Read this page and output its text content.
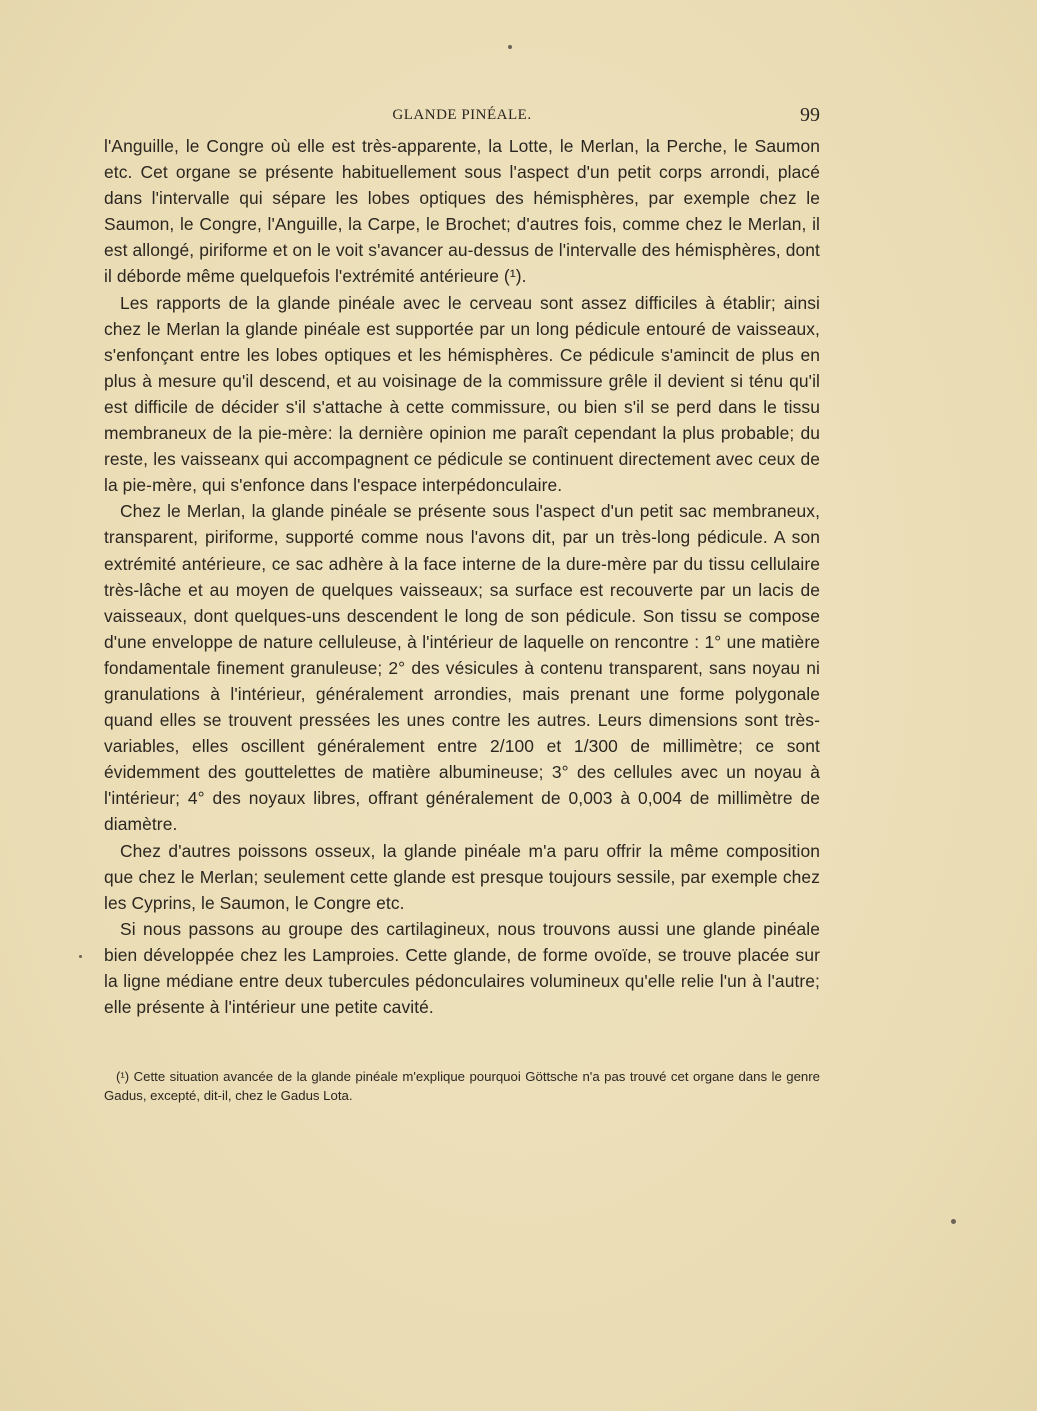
GLANDE PINÉALE.	99

l'Anguille, le Congre où elle est très-apparente, la Lotte, le Merlan, la Perche, le Saumon etc. Cet organe se présente habituellement sous l'aspect d'un petit corps arrondi, placé dans l'intervalle qui sépare les lobes optiques des hémisphères, par exemple chez le Saumon, le Congre, l'Anguille, la Carpe, le Brochet; d'autres fois, comme chez le Merlan, il est allongé, piriforme et on le voit s'avancer au-dessus de l'intervalle des hémisphères, dont il déborde même quelquefois l'extrémité antérieure (¹).

Les rapports de la glande pinéale avec le cerveau sont assez difficiles à établir; ainsi chez le Merlan la glande pinéale est supportée par un long pédicule entouré de vaisseaux, s'enfonçant entre les lobes optiques et les hémisphères. Ce pédicule s'amincit de plus en plus à mesure qu'il descend, et au voisinage de la commissure grêle il devient si ténu qu'il est difficile de décider s'il s'attache à cette commissure, ou bien s'il se perd dans le tissu membraneux de la pie-mère: la dernière opinion me paraît cependant la plus probable; du reste, les vaisseanx qui accompagnent ce pédicule se continuent directement avec ceux de la pie-mère, qui s'enfonce dans l'espace interpédonculaire.

Chez le Merlan, la glande pinéale se présente sous l'aspect d'un petit sac membraneux, transparent, piriforme, supporté comme nous l'avons dit, par un très-long pédicule. A son extrémité antérieure, ce sac adhère à la face interne de la dure-mère par du tissu cellulaire très-lâche et au moyen de quelques vaisseaux; sa surface est recouverte par un lacis de vaisseaux, dont quelques-uns descendent le long de son pédicule. Son tissu se compose d'une enveloppe de nature celluleuse, à l'intérieur de laquelle on rencontre : 1° une matière fondamentale finement granuleuse; 2° des vésicules à contenu transparent, sans noyau ni granulations à l'intérieur, généralement arrondies, mais prenant une forme polygonale quand elles se trouvent pressées les unes contre les autres. Leurs dimensions sont très-variables, elles oscillent généralement entre 2/100 et 1/300 de millimètre; ce sont évidemment des gouttelettes de matière albumineuse; 3° des cellules avec un noyau à l'intérieur; 4° des noyaux libres, offrant généralement de 0,003 à 0,004 de millimètre de diamètre.

Chez d'autres poissons osseux, la glande pinéale m'a paru offrir la même composition que chez le Merlan; seulement cette glande est presque toujours sessile, par exemple chez les Cyprins, le Saumon, le Congre etc.

Si nous passons au groupe des cartilagineux, nous trouvons aussi une glande pinéale bien développée chez les Lamproies. Cette glande, de forme ovoïde, se trouve placée sur la ligne médiane entre deux tubercules pédonculaires volumineux qu'elle relie l'un à l'autre; elle présente à l'intérieur une petite cavité.

(¹) Cette situation avancée de la glande pinéale m'explique pourquoi Göttsche n'a pas trouvé cet organe dans le genre Gadus, excepté, dit-il, chez le Gadus Lota.
